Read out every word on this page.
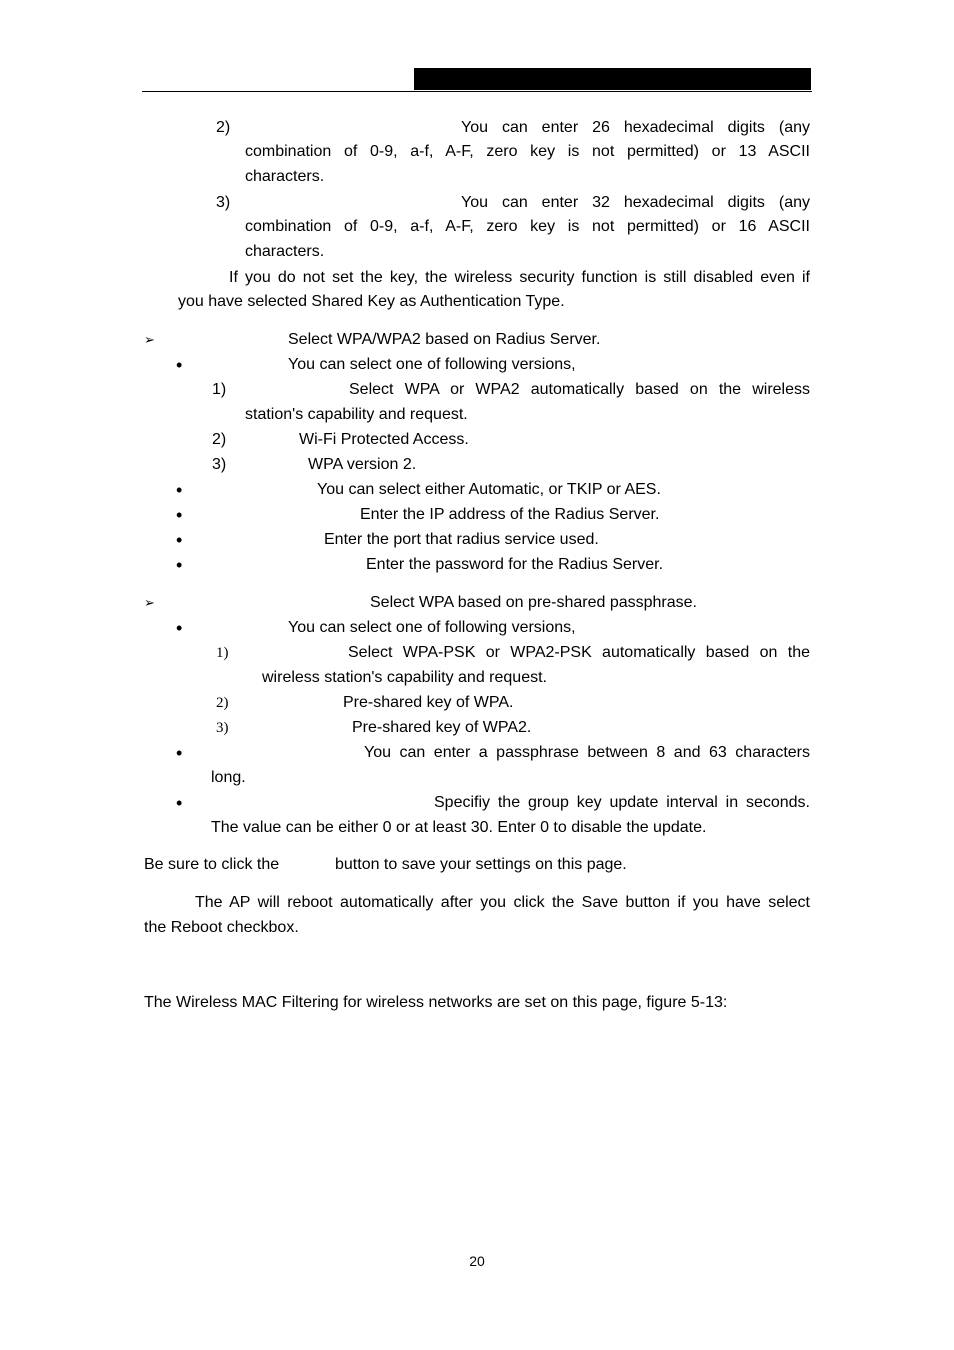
2)	You can enter 26 hexadecimal digits (any
combination of 0-9, a-f, A-F, zero key is not permitted) or 13 ASCII
characters.
3)	You can enter 32 hexadecimal digits (any
combination of 0-9, a-f, A-F, zero key is not permitted) or 16 ASCII
characters.
If you do not set the key, the wireless security function is still disabled even if
you have selected Shared Key as Authentication Type.
➢	Select WPA/WPA2 based on Radius Server.
•	You can select one of following versions,
1)	Select WPA or WPA2 automatically based on the wireless
station's capability and request.
2)	Wi-Fi Protected Access.
3)	WPA version 2.
•	You can select either Automatic, or TKIP or AES.
•	Enter the IP address of the Radius Server.
•	Enter the port that radius service used.
•	Enter the password for the Radius Server.
➢	Select WPA based on pre-shared passphrase.
•	You can select one of following versions,
1)	Select WPA-PSK or WPA2-PSK automatically based on the
wireless station's capability and request.
2)	Pre-shared key of WPA.
3)	Pre-shared key of WPA2.
•	You can enter a passphrase between 8 and 63 characters
long.
•	Specifiy the group key update interval in seconds.
The value can be either 0 or at least 30. Enter 0 to disable the update.
Be sure to click the	button to save your settings on this page.
The AP will reboot automatically after you click the Save button if you have select
the Reboot checkbox.
The Wireless MAC Filtering for wireless networks are set on this page, figure 5-13:
20
